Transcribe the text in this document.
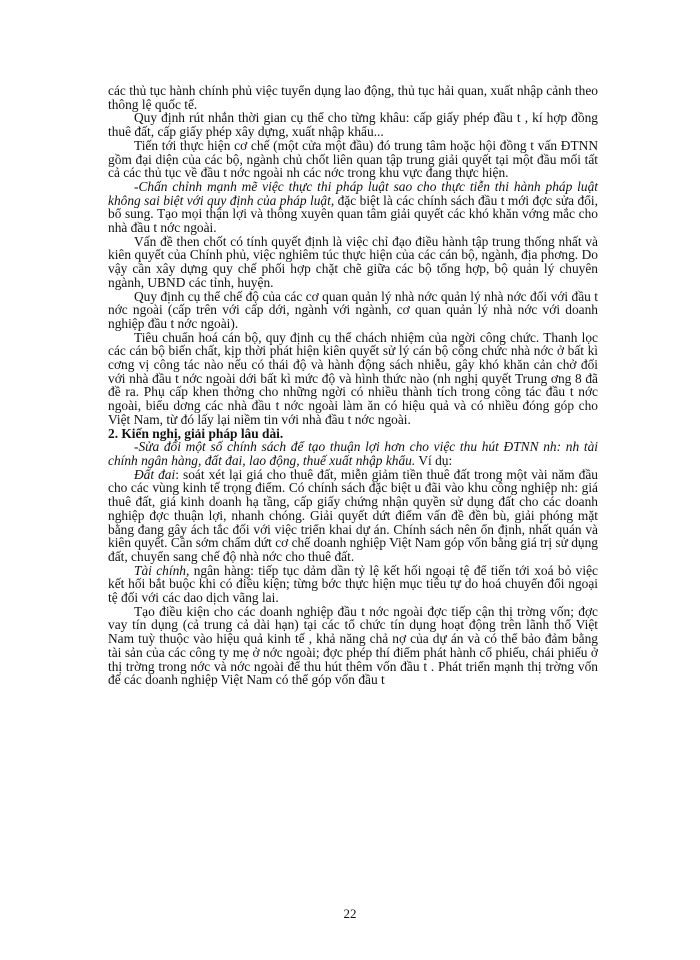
các thủ tục hành chính phủ việc tuyển dụng lao động, thủ tục hải quan, xuất nhập cảnh theo thông lệ quốc tế.

Quy định rút nhắn thời gian cụ thể cho từng khâu: cấp giấy phép đầu t , kí hợp đồng thuê đất, cấp giấy phép xây dựng, xuất nhập khẩu...

Tiến tới thực hiện cơ chế (một cửa một đầu) đó trung tâm hoặc hội đồng t vấn ĐTNN gồm đại diện của các bộ, ngành chủ chốt liên quan tập trung giải quyết tại một đầu mối tất cả các thủ tục về đầu t nớc ngoài nh các nớc trong khu vực đang thực hiện.

-Chấn chỉnh mạnh mẽ việc thực thi pháp luật sao cho thực tiễn thi hành pháp luật không sai biệt với quy định của pháp luật, đặc biệt là các chính sách đầu t mới đợc sửa đổi, bổ sung. Tạo mọi thận lợi và thông xuyên quan tâm giải quyết các khó khăn vớng mắc cho nhà đầu t nớc ngoài.

Vấn đề then chốt có tính quyết định là việc chỉ đạo điều hành tập trung thống nhất và kiên quyết của Chính phủ, việc nghiêm túc thực hiện của các cán bộ, ngành, địa phơng. Do vậy cần xây dựng quy chế phối hợp chặt chẽ giữa các bộ tổng hợp, bộ quản lý chuyên ngành, UBND các tỉnh, huyện.

Quy định cụ thể chế độ của các cơ quan quản lý nhà nớc quản lý nhà nớc đối với đầu t nớc ngoài (cấp trên với cấp dới, ngành với ngành, cơ quan quản lý nhà nớc với doanh nghiệp đầu t nớc ngoài).

Tiêu chuẩn hoá cán bộ, quy định cụ thể chách nhiệm của ngời công chức. Thanh lọc các cán bộ biến chất, kịp thời phát hiện kiên quyết sử lý cán bộ công chức nhà nớc ở bất kì cơng vị công tác nào nếu có thái độ và hành động sách nhiễu, gây khó khăn cản chở đối với nhà đầu t nớc ngoài dới bất kì mức độ và hình thức nào (nh nghị quyết Trung ơng 8 đã đề ra. Phụ cấp khen thởng cho những ngời có nhiều thành tích trong công tác đầu t nớc ngoài, biểu dơng các nhà đầu t nớc ngoài làm ăn có hiệu quả và có nhiều đóng góp cho Việt Nam, từ đó lấy lại niềm tin với nhà đầu t nớc ngoài.

2. Kiến nghị, giải pháp lâu dài.

-Sửa đổi một số chính sách để tạo thuận lợi hơn cho việc thu hút ĐTNN nh: nh tài chính ngân hàng, đất đai, lao động, thuế xuất nhập khẩu. Ví dụ:

Đất đai: soát xét lại giá cho thuê đất, miễn giảm tiền thuê đất trong một vài năm đầu cho các vùng kinh tế trọng điểm. Có chính sách đặc biệt u đãi vào khu công nghiệp nh: giá thuê đất, giá kinh doanh hạ tầng, cấp giấy chứng nhận quyền sử dụng đất cho các doanh nghiệp đợc thuận lợi, nhanh chóng. Giải quyết dứt điểm vấn đề đền bù, giải phóng mặt bằng đang gây ách tắc đối với việc triển khai dự án. Chính sách nên ổn định, nhất quán và kiên quyết. Cần sớm chấm dứt cơ chế doanh nghiệp Việt Nam góp vốn bằng giá trị sử dụng đất, chuyển sang chế độ nhà nớc cho thuê đất.

Tài chính, ngân hàng: tiếp tục dảm dần tỷ lệ kết hối ngoại tệ để tiến tới xoá bỏ việc kết hối bắt buộc khi có điều kiện; từng bớc thực hiện mục tiêu tự do hoá chuyển đổi ngoại tệ đối với các dao dịch vãng lai.

Tạo điều kiện cho các doanh nghiệp đầu t nớc ngoài đợc tiếp cận thị trờng vốn; đợc vay tín dụng (cả trung cả dài hạn) tại các tổ chức tín dụng hoạt động trên lãnh thổ Việt Nam tuỳ thuộc vào hiệu quả kinh tế , khả năng chả nợ của dự án và có thể bảo đảm bằng tài sản của các công ty mẹ ở nớc ngoài; đợc phép thí điểm phát hành cổ phiếu, chái phiếu ở thị trờng trong nớc và nớc ngoài để thu hút thêm vốn đầu t . Phát triển mạnh thị trờng vốn để các doanh nghiệp Việt Nam có thể góp vốn đầu t

22
